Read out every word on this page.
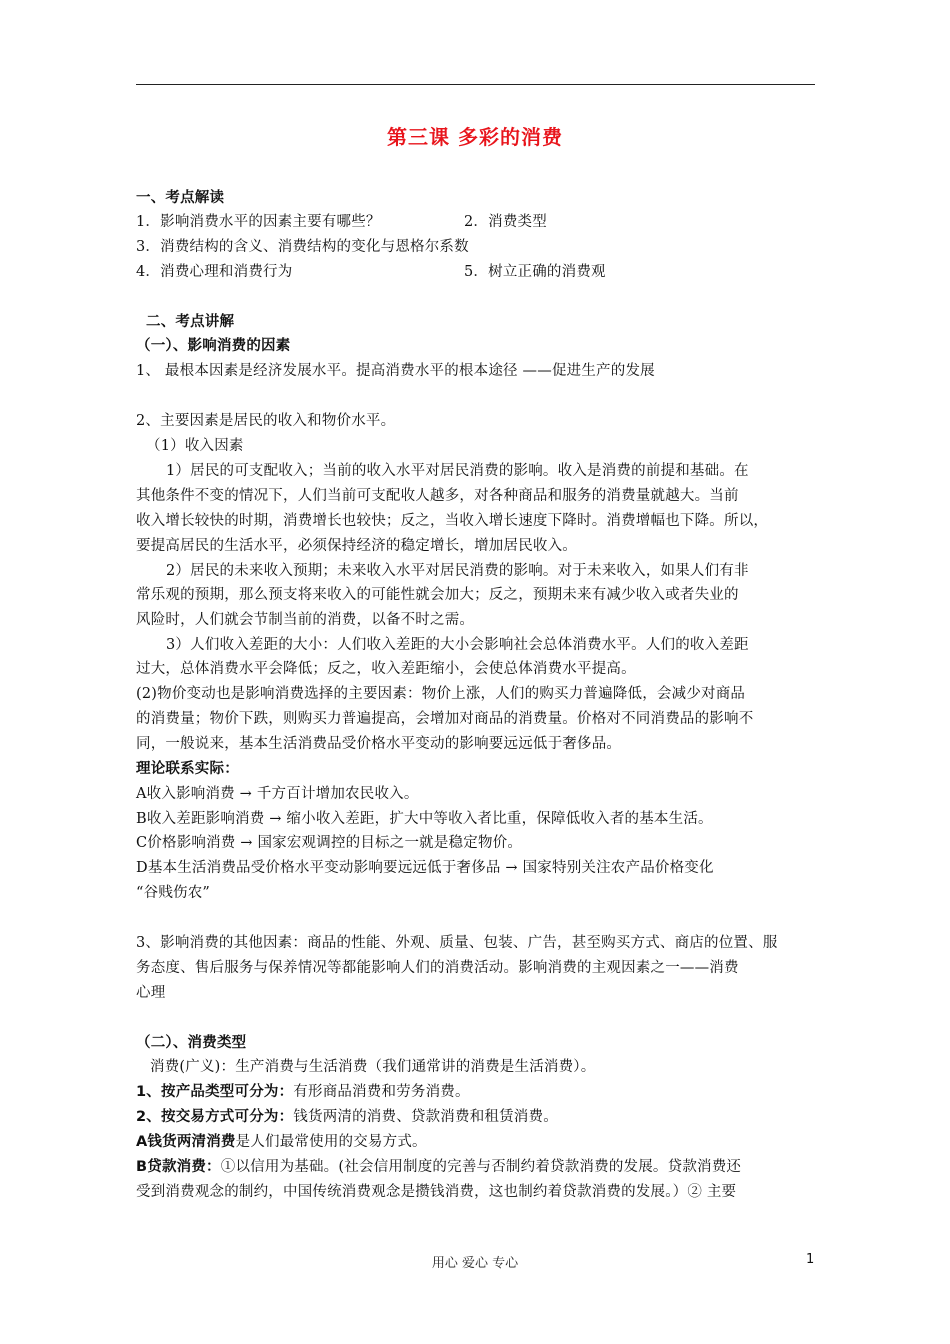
第三课 多彩的消费
一、考点解读
1．影响消费水平的因素主要有哪些？	2．消费类型
3．消费结构的含义、消费结构的变化与恩格尔系数
4．消费心理和消费行为	5．树立正确的消费观
二、考点讲解
（一）、影响消费的因素
1、 最根本因素是经济发展水平。提高消费水平的根本途径 ——促进生产的发展
2、主要因素是居民的收入和物价水平。
（1）收入因素
1）居民的可支配收入；当前的收入水平对居民消费的影响。收入是消费的前提和基础。在
其他条件不变的情况下，人们当前可支配收人越多，对各种商品和服务的消费量就越大。当前
收入增长较快的时期，消费增长也较快；反之，当收入增长速度下降时。消费增幅也下降。所以，
要提高居民的生活水平，必须保持经济的稳定增长，增加居民收入。
2）居民的未来收入预期；未来收入水平对居民消费的影响。对于未来收入，如果人们有非
常乐观的预期，那么预支将来收入的可能性就会加大；反之，预期未来有减少收入或者失业的
风险时，人们就会节制当前的消费，以备不时之需。
3）人们收入差距的大小：人们收入差距的大小会影响社会总体消费水平。人们的收入差距
过大，总体消费水平会降低；反之，收入差距缩小，会使总体消费水平提高。
(2)物价变动也是影响消费选择的主要因素：物价上涨，人们的购买力普遍降低，会减少对商品
的消费量；物价下跌，则购买力普遍提高，会增加对商品的消费量。价格对不同消费品的影响不
同，一般说来，基本生活消费品受价格水平变动的影响要远远低于奢侈品。
理论联系实际：
A收入影响消费 → 千方百计增加农民收入。
B收入差距影响消费 → 缩小收入差距，扩大中等收入者比重，保障低收入者的基本生活。
C价格影响消费 → 国家宏观调控的目标之一就是稳定物价。
D基本生活消费品受价格水平变动影响要远远低于奢侈品 → 国家特别关注农产品价格变化
“谷贱伤农”
3、影响消费的其他因素：商品的性能、外观、质量、包装、广告，甚至购买方式、商店的位置、服
务态度、售后服务与保养情况等都能影响人们的消费活动。影响消费的主观因素之一——消费
心理
（二）、消费类型
消费(广义)：生产消费与生活消费（我们通常讲的消费是生活消费）。
1、按产品类型可分为：有形商品消费和劳务消费。
2、按交易方式可分为：钱货两清的消费、贷款消费和租赁消费。
A钱货两清消费是人们最常使用的交易方式。
B贷款消费：①以信用为基础。(社会信用制度的完善与否制约着贷款消费的发展。贷款消费还
受到消费观念的制约，中国传统消费观念是攒钱消费，这也制约着贷款消费的发展。）② 主要
用心 爱心 专心	1
